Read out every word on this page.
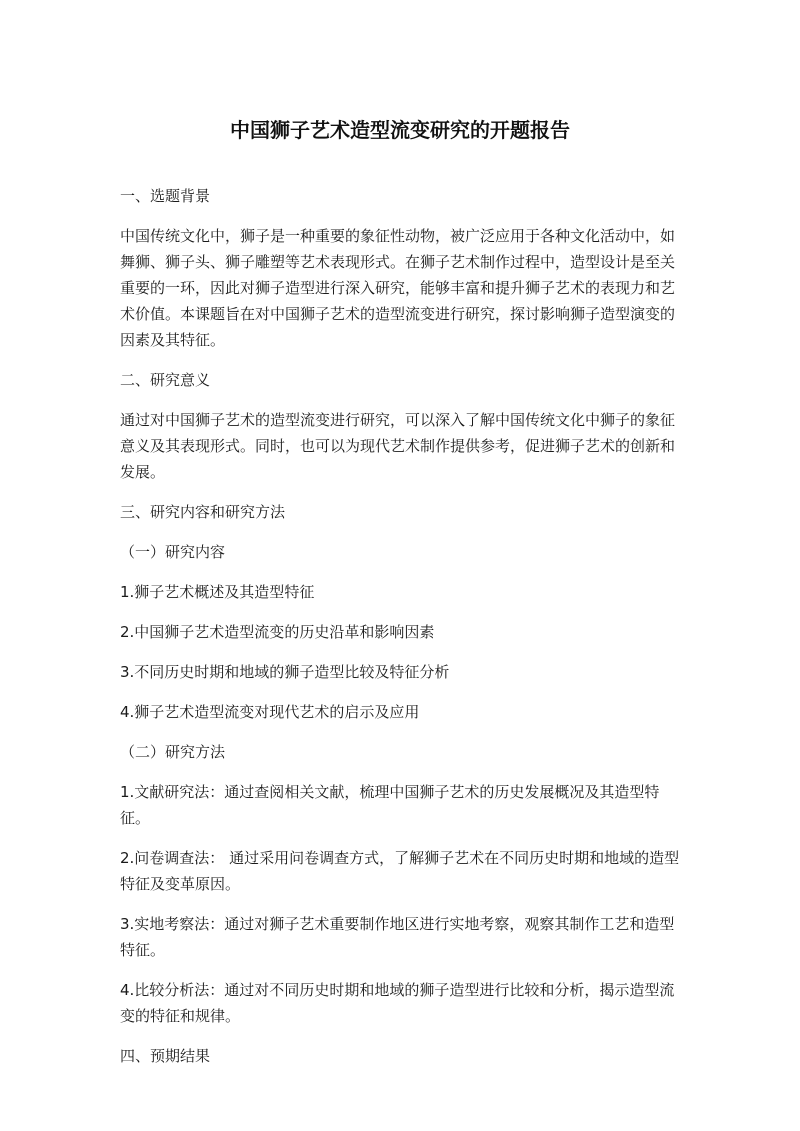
中国狮子艺术造型流变研究的开题报告

一、选题背景

中国传统文化中，狮子是一种重要的象征性动物，被广泛应用于各种文化活动中，如舞狮、狮子头、狮子雕塑等艺术表现形式。在狮子艺术制作过程中，造型设计是至关重要的一环，因此对狮子造型进行深入研究，能够丰富和提升狮子艺术的表现力和艺术价值。本课题旨在对中国狮子艺术的造型流变进行研究，探讨影响狮子造型演变的因素及其特征。

二、研究意义

通过对中国狮子艺术的造型流变进行研究，可以深入了解中国传统文化中狮子的象征意义及其表现形式。同时，也可以为现代艺术制作提供参考，促进狮子艺术的创新和发展。

三、研究内容和研究方法

（一）研究内容

1.狮子艺术概述及其造型特征

2.中国狮子艺术造型流变的历史沿革和影响因素

3.不同历史时期和地域的狮子造型比较及特征分析

4.狮子艺术造型流变对现代艺术的启示及应用

（二）研究方法

1.文献研究法：通过查阅相关文献，梳理中国狮子艺术的历史发展概况及其造型特征。

2.问卷调查法： 通过采用问卷调查方式，了解狮子艺术在不同历史时期和地域的造型特征及变革原因。

3.实地考察法：通过对狮子艺术重要制作地区进行实地考察，观察其制作工艺和造型特征。

4.比较分析法：通过对不同历史时期和地域的狮子造型进行比较和分析，揭示造型流变的特征和规律。

四、预期结果
